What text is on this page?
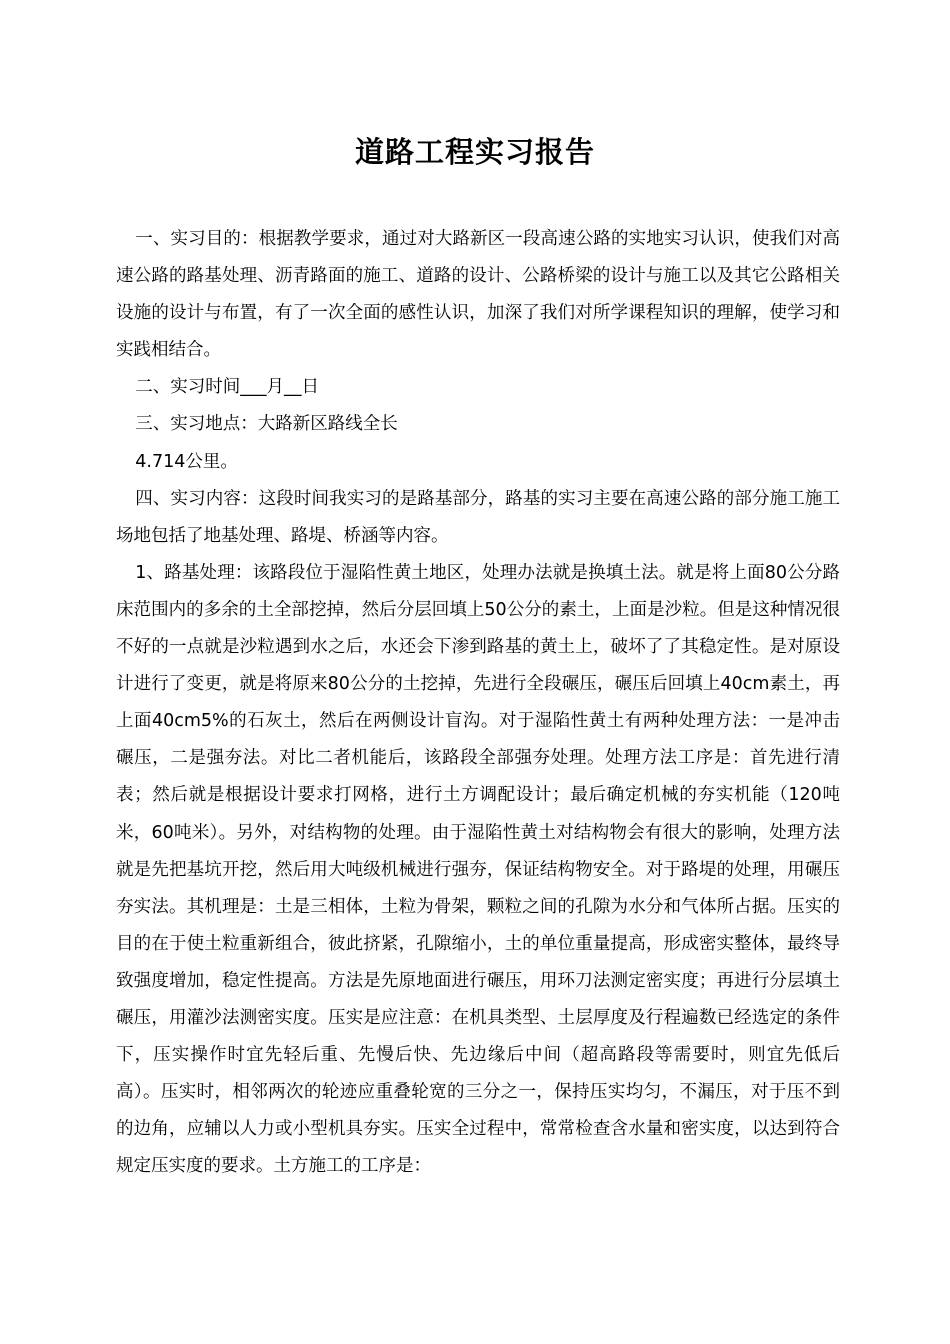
道路工程实习报告

一、实习目的：根据教学要求，通过对大路新区一段高速公路的实地实习认识，使我们对高速公路的路基处理、沥青路面的施工、道路的设计、公路桥梁的设计与施工以及其它公路相关设施的设计与布置，有了一次全面的感性认识，加深了我们对所学课程知识的理解，使学习和实践相结合。

二、实习时间___月__日

三、实习地点：大路新区路线全长

4.714公里。

四、实习内容：这段时间我实习的是路基部分，路基的实习主要在高速公路的部分施工施工场地包括了地基处理、路堤、桥涵等内容。

1、路基处理：该路段位于湿陷性黄土地区，处理办法就是换填土法。就是将上面80公分路床范围内的多余的土全部挖掉，然后分层回填上50公分的素土，上面是沙粒。但是这种情况很不好的一点就是沙粒遇到水之后，水还会下渗到路基的黄土上，破坏了了其稳定性。是对原设计进行了变更，就是将原来80公分的土挖掉，先进行全段碾压，碾压后回填上40cm素土，再上面40cm5%的石灰土，然后在两侧设计盲沟。对于湿陷性黄土有两种处理方法：一是冲击碾压，二是强夯法。对比二者机能后，该路段全部强夯处理。处理方法工序是：首先进行清表；然后就是根据设计要求打网格，进行土方调配设计；最后确定机械的夯实机能（120吨米，60吨米）。另外，对结构物的处理。由于湿陷性黄土对结构物会有很大的影响，处理方法就是先把基坑开挖，然后用大吨级机械进行强夯，保证结构物安全。对于路堤的处理，用碾压夯实法。其机理是：土是三相体，土粒为骨架，颗粒之间的孔隙为水分和气体所占据。压实的目的在于使土粒重新组合，彼此挤紧，孔隙缩小，土的单位重量提高，形成密实整体，最终导致强度增加，稳定性提高。方法是先原地面进行碾压，用环刀法测定密实度；再进行分层填土碾压，用灌沙法测密实度。压实是应注意：在机具类型、土层厚度及行程遍数已经选定的条件下，压实操作时宜先轻后重、先慢后快、先边缘后中间（超高路段等需要时，则宜先低后高）。压实时，相邻两次的轮迹应重叠轮宽的三分之一，保持压实均匀，不漏压，对于压不到的边角，应辅以人力或小型机具夯实。压实全过程中，常常检查含水量和密实度，以达到符合规定压实度的要求。土方施工的工序是：
